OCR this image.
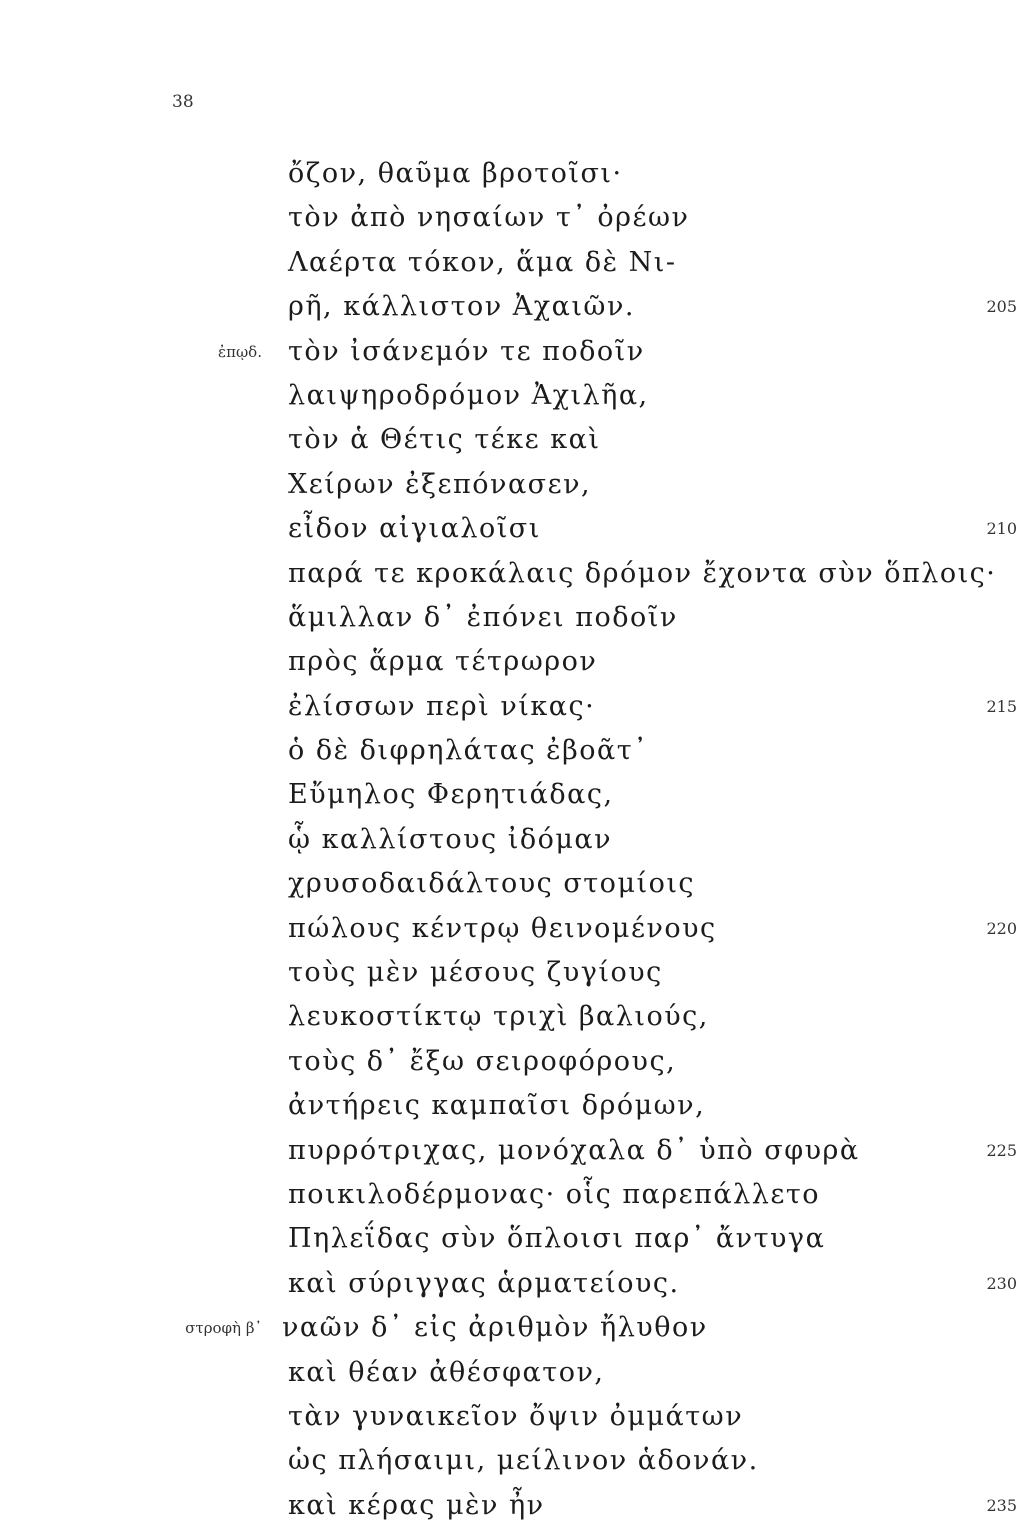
38
ὄζον, θαῦμα βροτοῖσι·
τὸν ἀπὸ νησαίων τ᾽ ὀρέων
Λαέρτα τόκον, ἅμα δὲ Νι-
ρῆ, κάλλιστον Ἀχαιῶν.	205
ἐπῳδ. τὸν ἰσάνεμόν τε ποδοῖν
λαιψηροδρόμον Ἀχιλῆα,
τὸν ἁ Θέτις τέκε καὶ
Χείρων ἐξεπόνασεν,
εἶδον αἰγιαλοῖσι	210
παρά τε κροκάλαις δρόμον ἔχοντα σὺν ὅπλοις·
ἅμιλλαν δ᾽ ἐπόνει ποδοῖν
πρὸς ἅρμα τέτρωρον
ἐλίσσων περὶ νίκας·	215
ὁ δὲ διφρηλάτας ἐβοᾶτ᾽
Εὔμηλος Φερητιάδας,
ᾧ καλλίστους ἰδόμαν
χρυσοδαιδάλτους στομίοις
πώλους κέντρῳ θεινομένους	220
τοὺς μὲν μέσους ζυγίους
λευκοστίκτῳ τριχὶ βαλιούς,
τοὺς δ᾽ ἔξω σειροφόρους,
ἀντήρεις καμπαῖσι δρόμων,
πυρρότριχας, μονόχαλα δ᾽ ὑπὸ σφυρὰ	225
ποικιλοδέρμονας· οἷς παρεπάλλετο
Πηλεΐδας σὺν ὅπλοισι παρ᾽ ἄντυγα
καὶ σύριγγας ἁρματείους.	230
στροφὴ β᾽ ναῶν δ᾽ εἰς ἀριθμὸν ἤλυθον
καὶ θέαν ἀθέσφατον,
τὰν γυναικεῖον ὄψιν ὀμμάτων
ὡς πλήσαιμι, μείλινον ἁδονάν.
καὶ κέρας μὲν ἦν	235
